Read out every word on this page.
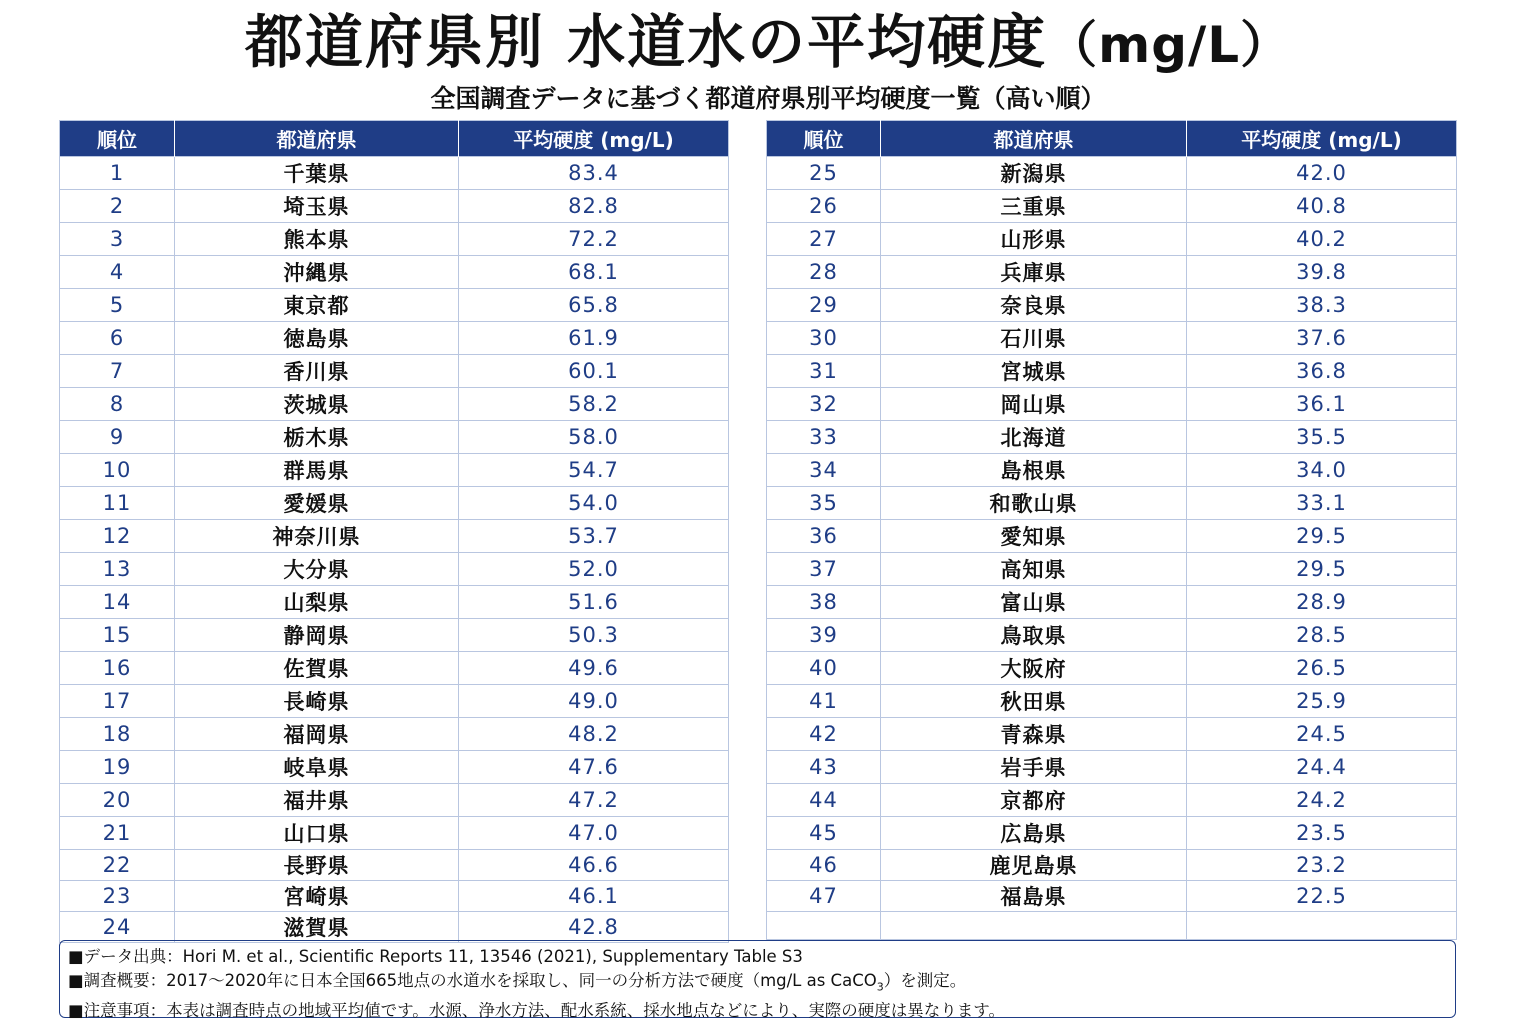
都道府県別 水道水の平均硬度（mg/L）
全国調査データに基づく都道府県別平均硬度一覧（高い順）
順位	都道府県	平均硬度 (mg/L)
1	千葉県	83.4
2	埼玉県	82.8
3	熊本県	72.2
4	沖縄県	68.1
5	東京都	65.8
6	徳島県	61.9
7	香川県	60.1
8	茨城県	58.2
9	栃木県	58.0
10	群馬県	54.7
11	愛媛県	54.0
12	神奈川県	53.7
13	大分県	52.0
14	山梨県	51.6
15	静岡県	50.3
16	佐賀県	49.6
17	長崎県	49.0
18	福岡県	48.2
19	岐阜県	47.6
20	福井県	47.2
21	山口県	47.0
22	長野県	46.6
23	宮崎県	46.1
24	滋賀県	42.8
順位	都道府県	平均硬度 (mg/L)
25	新潟県	42.0
26	三重県	40.8
27	山形県	40.2
28	兵庫県	39.8
29	奈良県	38.3
30	石川県	37.6
31	宮城県	36.8
32	岡山県	36.1
33	北海道	35.5
34	島根県	34.0
35	和歌山県	33.1
36	愛知県	29.5
37	高知県	29.5
38	富山県	28.9
39	鳥取県	28.5
40	大阪府	26.5
41	秋田県	25.9
42	青森県	24.5
43	岩手県	24.4
44	京都府	24.2
45	広島県	23.5
46	鹿児島県	23.2
47	福島県	22.5

■データ出典：Hori M. et al., Scientific Reports 11, 13546 (2021), Supplementary Table S3
■調査概要：2017～2020年に日本全国665地点の水道水を採取し、同一の分析方法で硬度（mg/L as CaCO$_3$）を測定。
■注意事項：本表は調査時点の地域平均値です。水源、浄水方法、配水系統、採水地点などにより、実際の硬度は異なります。
